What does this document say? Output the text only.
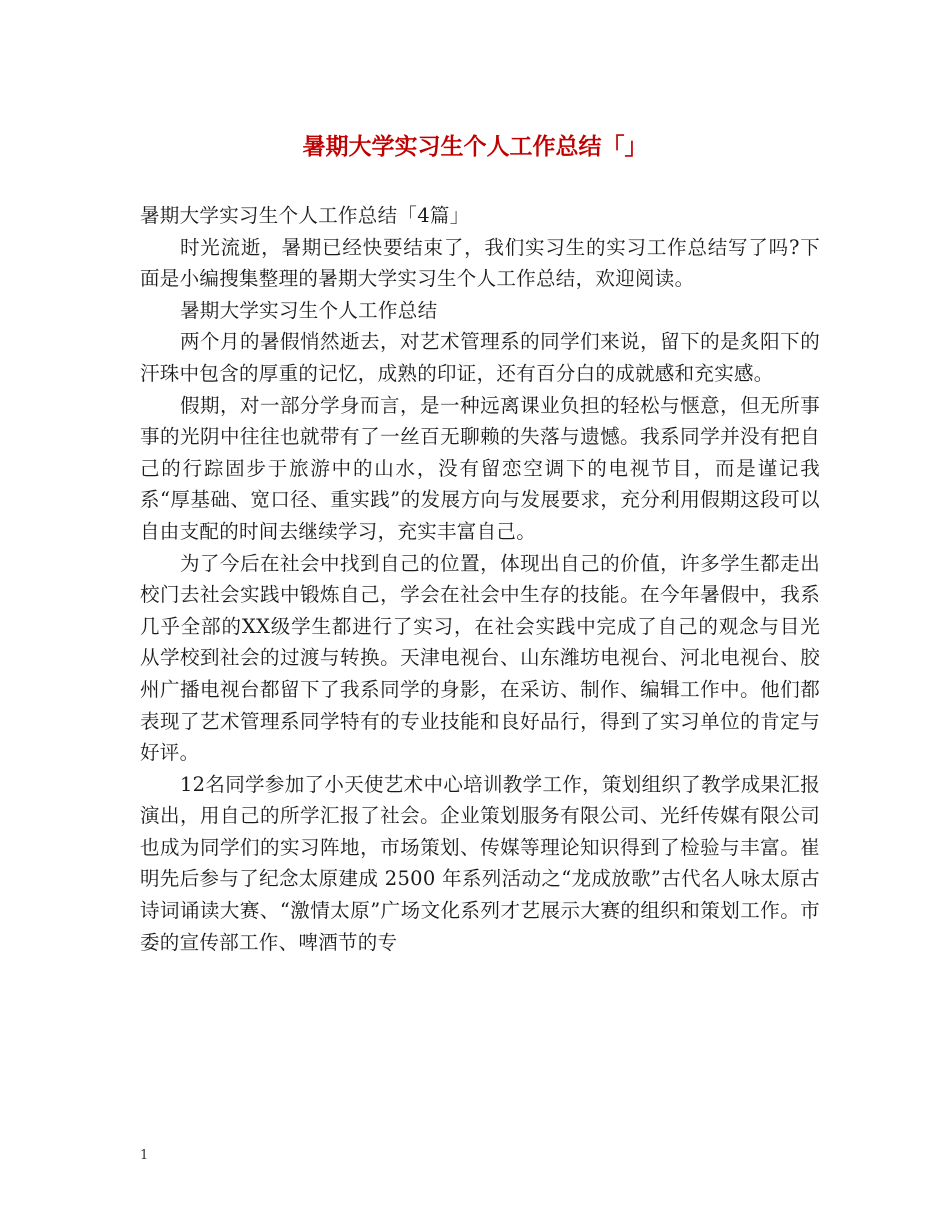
暑期大学实习生个人工作总结「」

暑期大学实习生个人工作总结「4篇」

时光流逝，暑期已经快要结束了，我们实习生的实习工作总结写了吗?下面是小编搜集整理的暑期大学实习生个人工作总结，欢迎阅读。

暑期大学实习生个人工作总结

两个月的暑假悄然逝去，对艺术管理系的同学们来说，留下的是炙阳下的汗珠中包含的厚重的记忆，成熟的印证，还有百分白的成就感和充实感。

假期，对一部分学身而言，是一种远离课业负担的轻松与惬意，但无所事事的光阴中往往也就带有了一丝百无聊赖的失落与遗憾。我系同学并没有把自己的行踪固步于旅游中的山水，没有留恋空调下的电视节目，而是谨记我系“厚基础、宽口径、重实践”的发展方向与发展要求，充分利用假期这段可以自由支配的时间去继续学习，充实丰富自己。

为了今后在社会中找到自己的位置，体现出自己的价值，许多学生都走出校门去社会实践中锻炼自己，学会在社会中生存的技能。在今年暑假中，我系几乎全部的XX级学生都进行了实习，在社会实践中完成了自己的观念与目光从学校到社会的过渡与转换。天津电视台、山东潍坊电视台、河北电视台、胶州广播电视台都留下了我系同学的身影，在采访、制作、编辑工作中。他们都表现了艺术管理系同学特有的专业技能和良好品行，得到了实习单位的肯定与好评。

12名同学参加了小天使艺术中心培训教学工作，策划组织了教学成果汇报演出，用自己的所学汇报了社会。企业策划服务有限公司、光纤传媒有限公司也成为同学们的实习阵地，市场策划、传媒等理论知识得到了检验与丰富。崔明先后参与了纪念太原建成 2500 年系列活动之“龙成放歌”古代名人咏太原古诗词诵读大赛、“激情太原”广场文化系列才艺展示大赛的组织和策划工作。市委的宣传部工作、啤酒节的专

1
